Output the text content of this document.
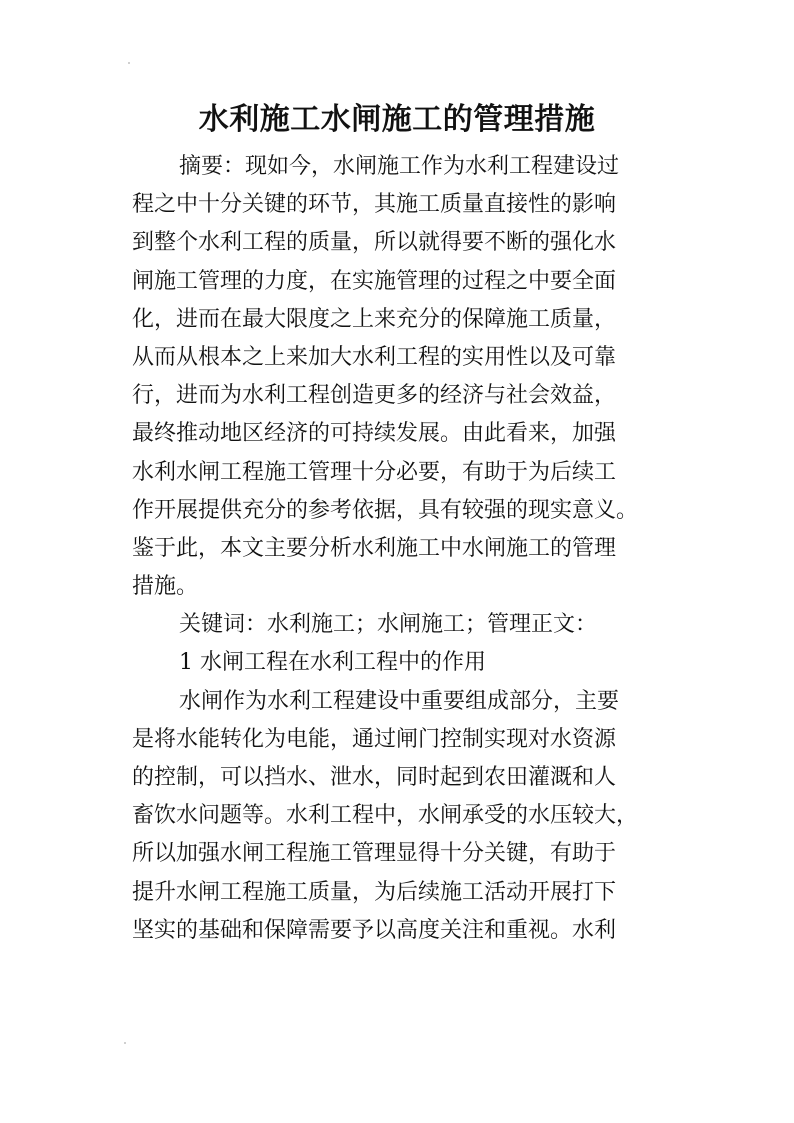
水利施工水闸施工的管理措施
摘要：现如今，水闸施工作为水利工程建设过
程之中十分关键的环节，其施工质量直接性的影响
到整个水利工程的质量，所以就得要不断的强化水
闸施工管理的力度，在实施管理的过程之中要全面
化，进而在最大限度之上来充分的保障施工质量，
从而从根本之上来加大水利工程的实用性以及可靠
行，进而为水利工程创造更多的经济与社会效益，
最终推动地区经济的可持续发展。由此看来，加强
水利水闸工程施工管理十分必要，有助于为后续工
作开展提供充分的参考依据，具有较强的现实意义。
鉴于此，本文主要分析水利施工中水闸施工的管理
措施。
关键词：水利施工；水闸施工；管理正文：
1 水闸工程在水利工程中的作用
水闸作为水利工程建设中重要组成部分，主要
是将水能转化为电能，通过闸门控制实现对水资源
的控制，可以挡水、泄水，同时起到农田灌溉和人
畜饮水问题等。水利工程中，水闸承受的水压较大，
所以加强水闸工程施工管理显得十分关键，有助于
提升水闸工程施工质量，为后续施工活动开展打下
坚实的基础和保障需要予以高度关注和重视。水利
